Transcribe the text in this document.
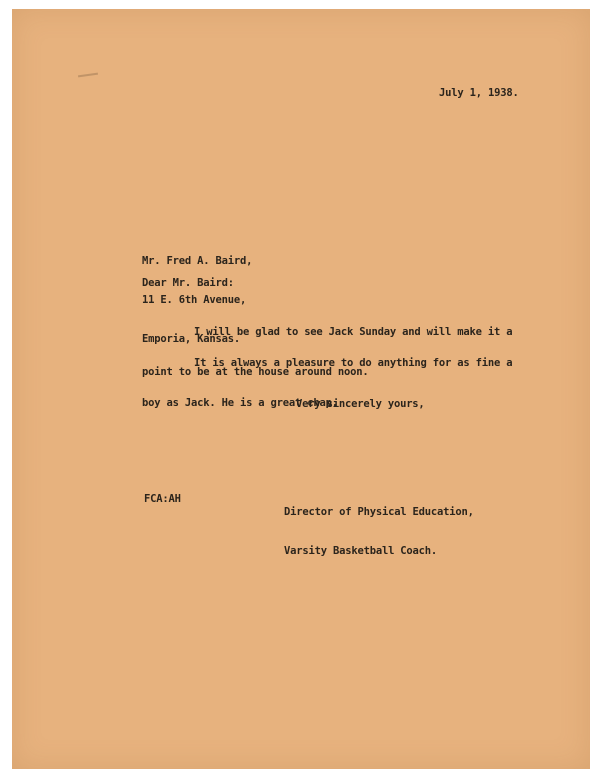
July 1, 1938.

Mr. Fred A. Baird,

11 E. 6th Avenue,

Emporia, Kansas.

Dear Mr. Baird:

I will be glad to see Jack Sunday and will make it a

point to be at the house around noon.

It is always a pleasure to do anything for as fine a

boy as Jack. He is a great chap.

Very sincerely yours,

Director of Physical Education,

Varsity Basketball Coach.

FCA:AH
